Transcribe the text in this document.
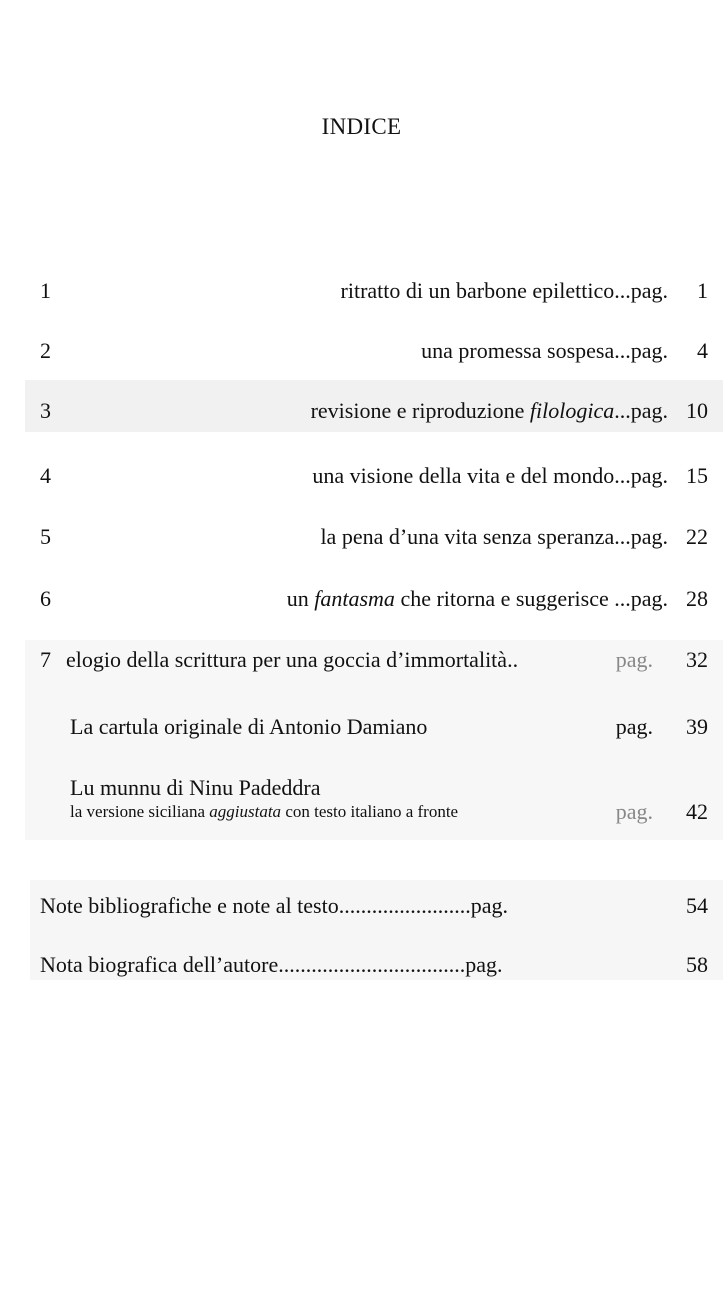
INDICE
1	ritratto di un barbone epilettico...pag.	1
2	una promessa sospesa...pag.	4
3	revisione e riproduzione filologica...pag. 10
4	una visione della vita e del mondo...pag. 15
5	la pena d’una vita senza speranza...pag. 22
6	un fantasma che ritorna e suggerisce ...pag. 28
7 elogio della scrittura per una goccia d’immortalità..	pag.	32
La cartula originale di Antonio Damiano	pag.	39
Lu munnu di Ninu Padeddra
la versione siciliana aggiustata con testo italiano a fronte	pag.	42
Note bibliografiche e note al testo........................pag.	54
Nota biografica dell’autore..................................pag.	58
